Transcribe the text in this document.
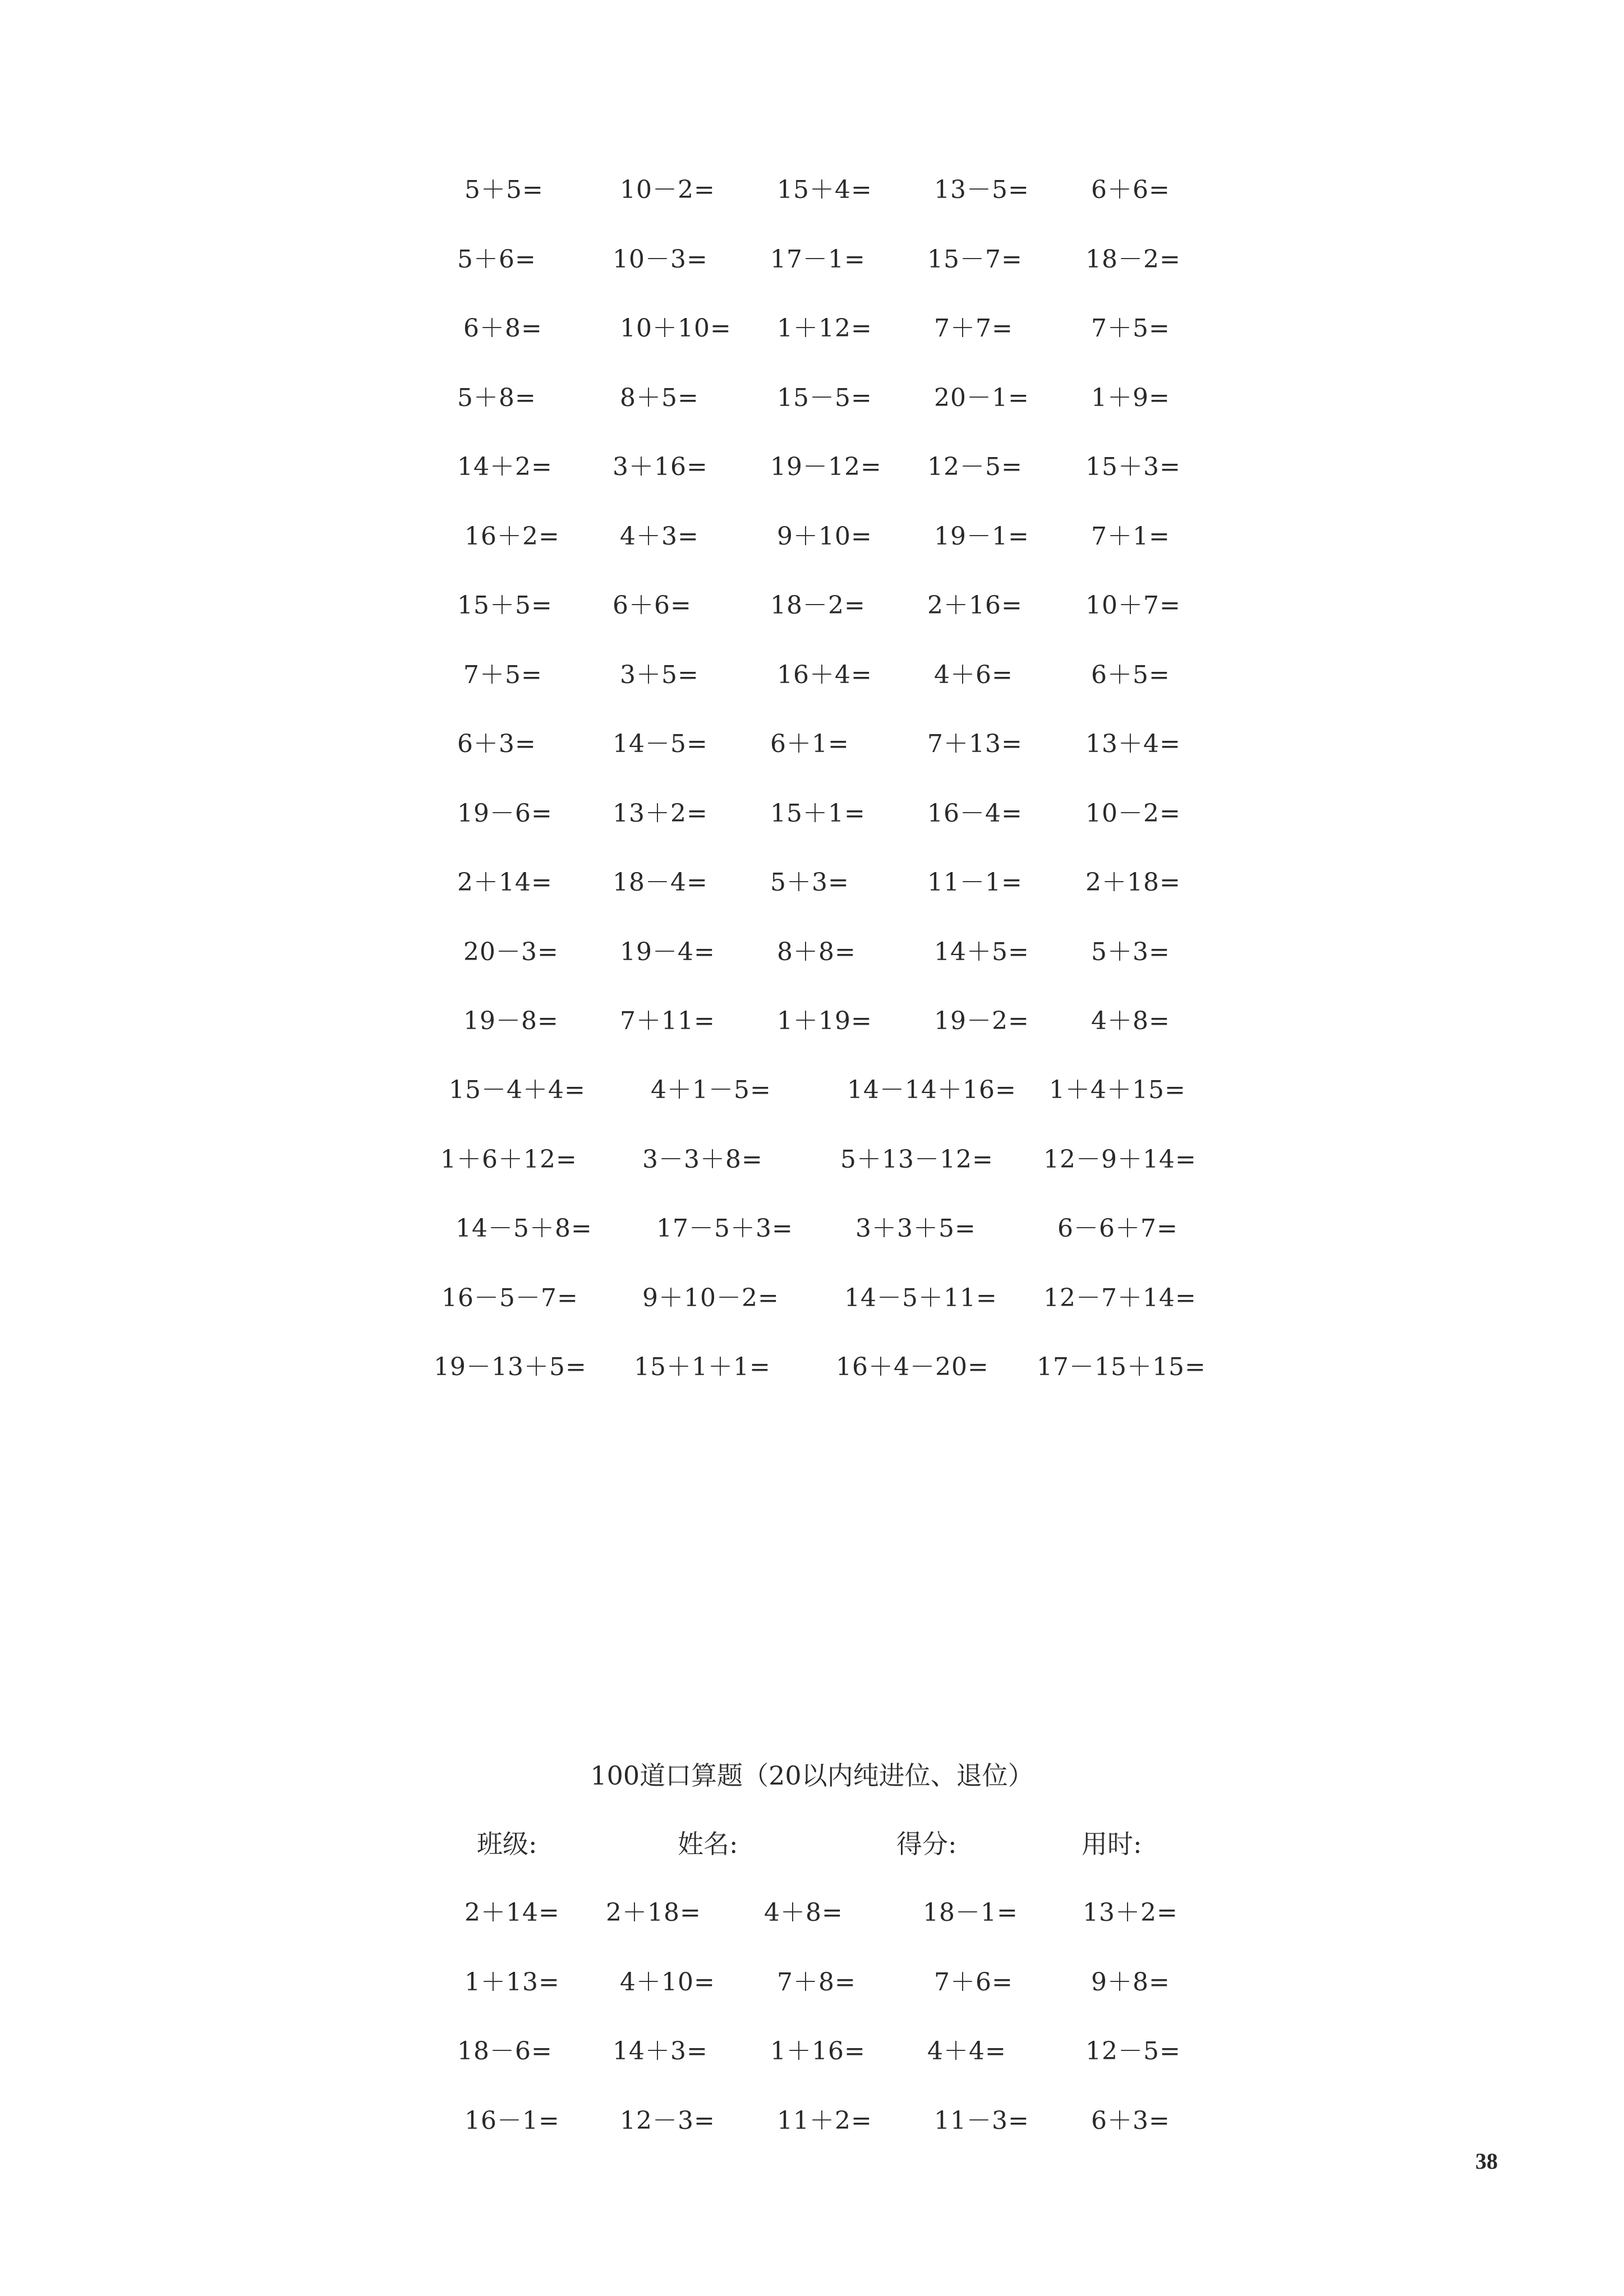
100道口算题（20以内纯进位、退位）
班级:	姓名:	得分:	用时:
38
5＋5=	10－2=	15＋4=	13－5=	6＋6=
5＋6=	10－3=	17－1=	15－7=	18－2=
6＋8=	10＋10= 1＋12=	7＋7=	7＋5=
5＋8=	8＋5=	15－5=	20－1=	1＋9=
14＋2= 3＋16=	19－12= 12－5=	15＋3=
16＋2= 4＋3=	9＋10=	19－1=	7＋1=
15＋5= 6＋6=	18－2=	2＋16=	10＋7=
7＋5=	3＋5=	16＋4=	4＋6=	6＋5=
6＋3=	14－5=	6＋1=	7＋13=	13＋4=
19－6= 13＋2=	15＋1=	16－4=	10－2=
2＋14= 18－4=	5＋3=	11－1=	2＋18=
20－3= 19－4=	8＋8=	14＋5=	5＋3=
19－8= 7＋11=	1＋19=	19－2=	4＋8=
15－4＋4=	4＋1－5=	14－14＋16= 1＋4＋15=
1＋6＋12=	3－3＋8=	5＋13－12= 12－9＋14=
14－5＋8=	17－5＋3=	3＋3＋5=	6－6＋7=
16－5－7=	9＋10－2=	14－5＋11= 12－7＋14=
19－13＋5= 15＋1＋1=	16＋4－20= 17－15＋15=
2＋14= 2＋18=	4＋8=	18－1=	13＋2=
1＋13= 4＋10=	7＋8=	7＋6=	9＋8=
18－6= 14＋3=	1＋16=	4＋4=	12－5=
16－1= 12－3=	11＋2=	11－3=	6＋3=
